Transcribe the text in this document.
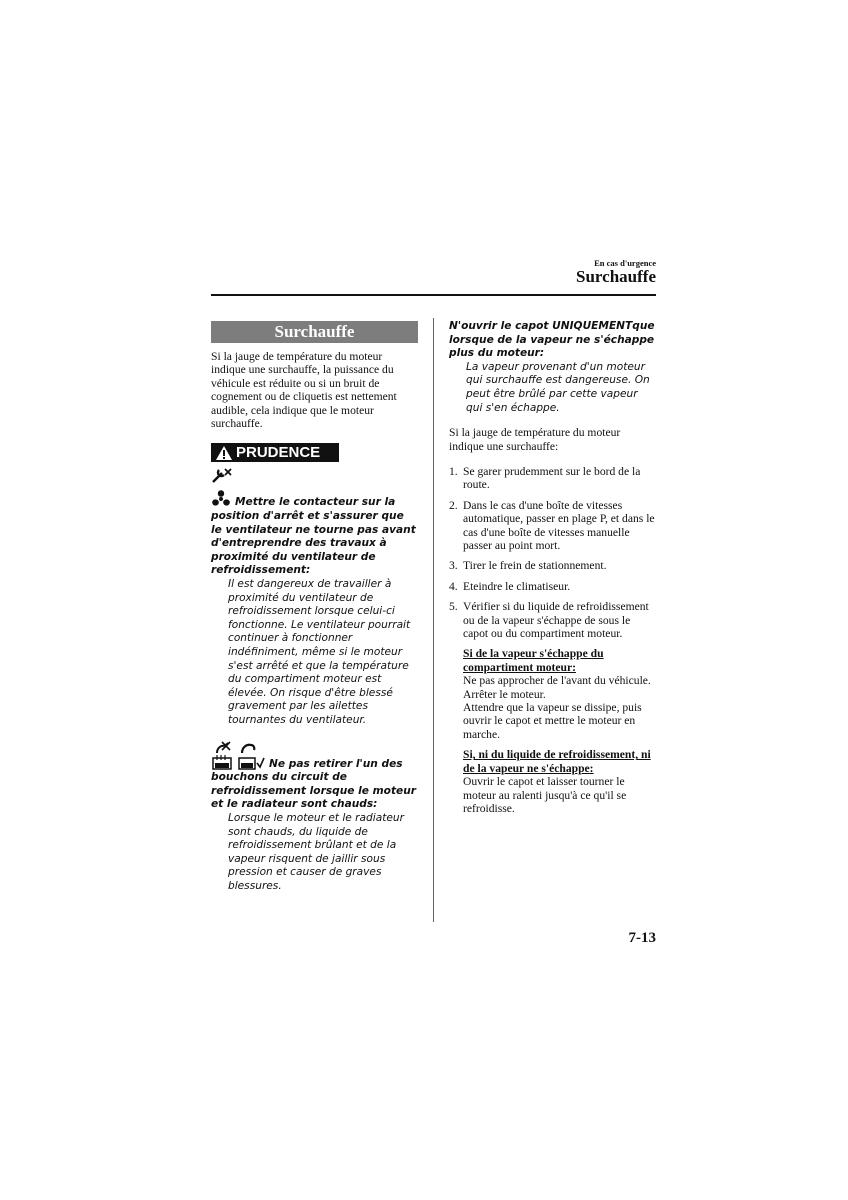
En cas d'urgence
Surchauffe
Surchauffe
Si la jauge de température du moteur indique une surchauffe, la puissance du véhicule est réduite ou si un bruit de cognement ou de cliquetis est nettement audible, cela indique que le moteur surchauffe.
PRUDENCE
Mettre le contacteur sur la position d'arrêt et s'assurer que le ventilateur ne tourne pas avant d'entreprendre des travaux à proximité du ventilateur de refroidissement:
Il est dangereux de travailler à proximité du ventilateur de refroidissement lorsque celui-ci fonctionne. Le ventilateur pourrait continuer à fonctionner indéfiniment, même si le moteur s'est arrêté et que la température du compartiment moteur est élevée. On risque d'être blessé gravement par les ailettes tournantes du ventilateur.
Ne pas retirer l'un des bouchons du circuit de refroidissement lorsque le moteur et le radiateur sont chauds:
Lorsque le moteur et le radiateur sont chauds, du liquide de refroidissement brûlant et de la vapeur risquent de jaillir sous pression et causer de graves blessures.
N'ouvrir le capot UNIQUEMENTque lorsque de la vapeur ne s'échappe plus du moteur:
La vapeur provenant d'un moteur qui surchauffe est dangereuse. On peut être brûlé par cette vapeur qui s'en échappe.
Si la jauge de température du moteur indique une surchauffe:
1. Se garer prudemment sur le bord de la route.
2. Dans le cas d'une boîte de vitesses automatique, passer en plage P, et dans le cas d'une boîte de vitesses manuelle passer au point mort.
3. Tirer le frein de stationnement.
4. Eteindre le climatiseur.
5. Vérifier si du liquide de refroidissement ou de la vapeur s'échappe de sous le capot ou du compartiment moteur.
Si de la vapeur s'échappe du compartiment moteur:
Ne pas approcher de l'avant du véhicule. Arrêter le moteur.
Attendre que la vapeur se dissipe, puis ouvrir le capot et mettre le moteur en marche.
Si, ni du liquide de refroidissement, ni de la vapeur ne s'échappe:
Ouvrir le capot et laisser tourner le moteur au ralenti jusqu'à ce qu'il se refroidisse.
7-13
